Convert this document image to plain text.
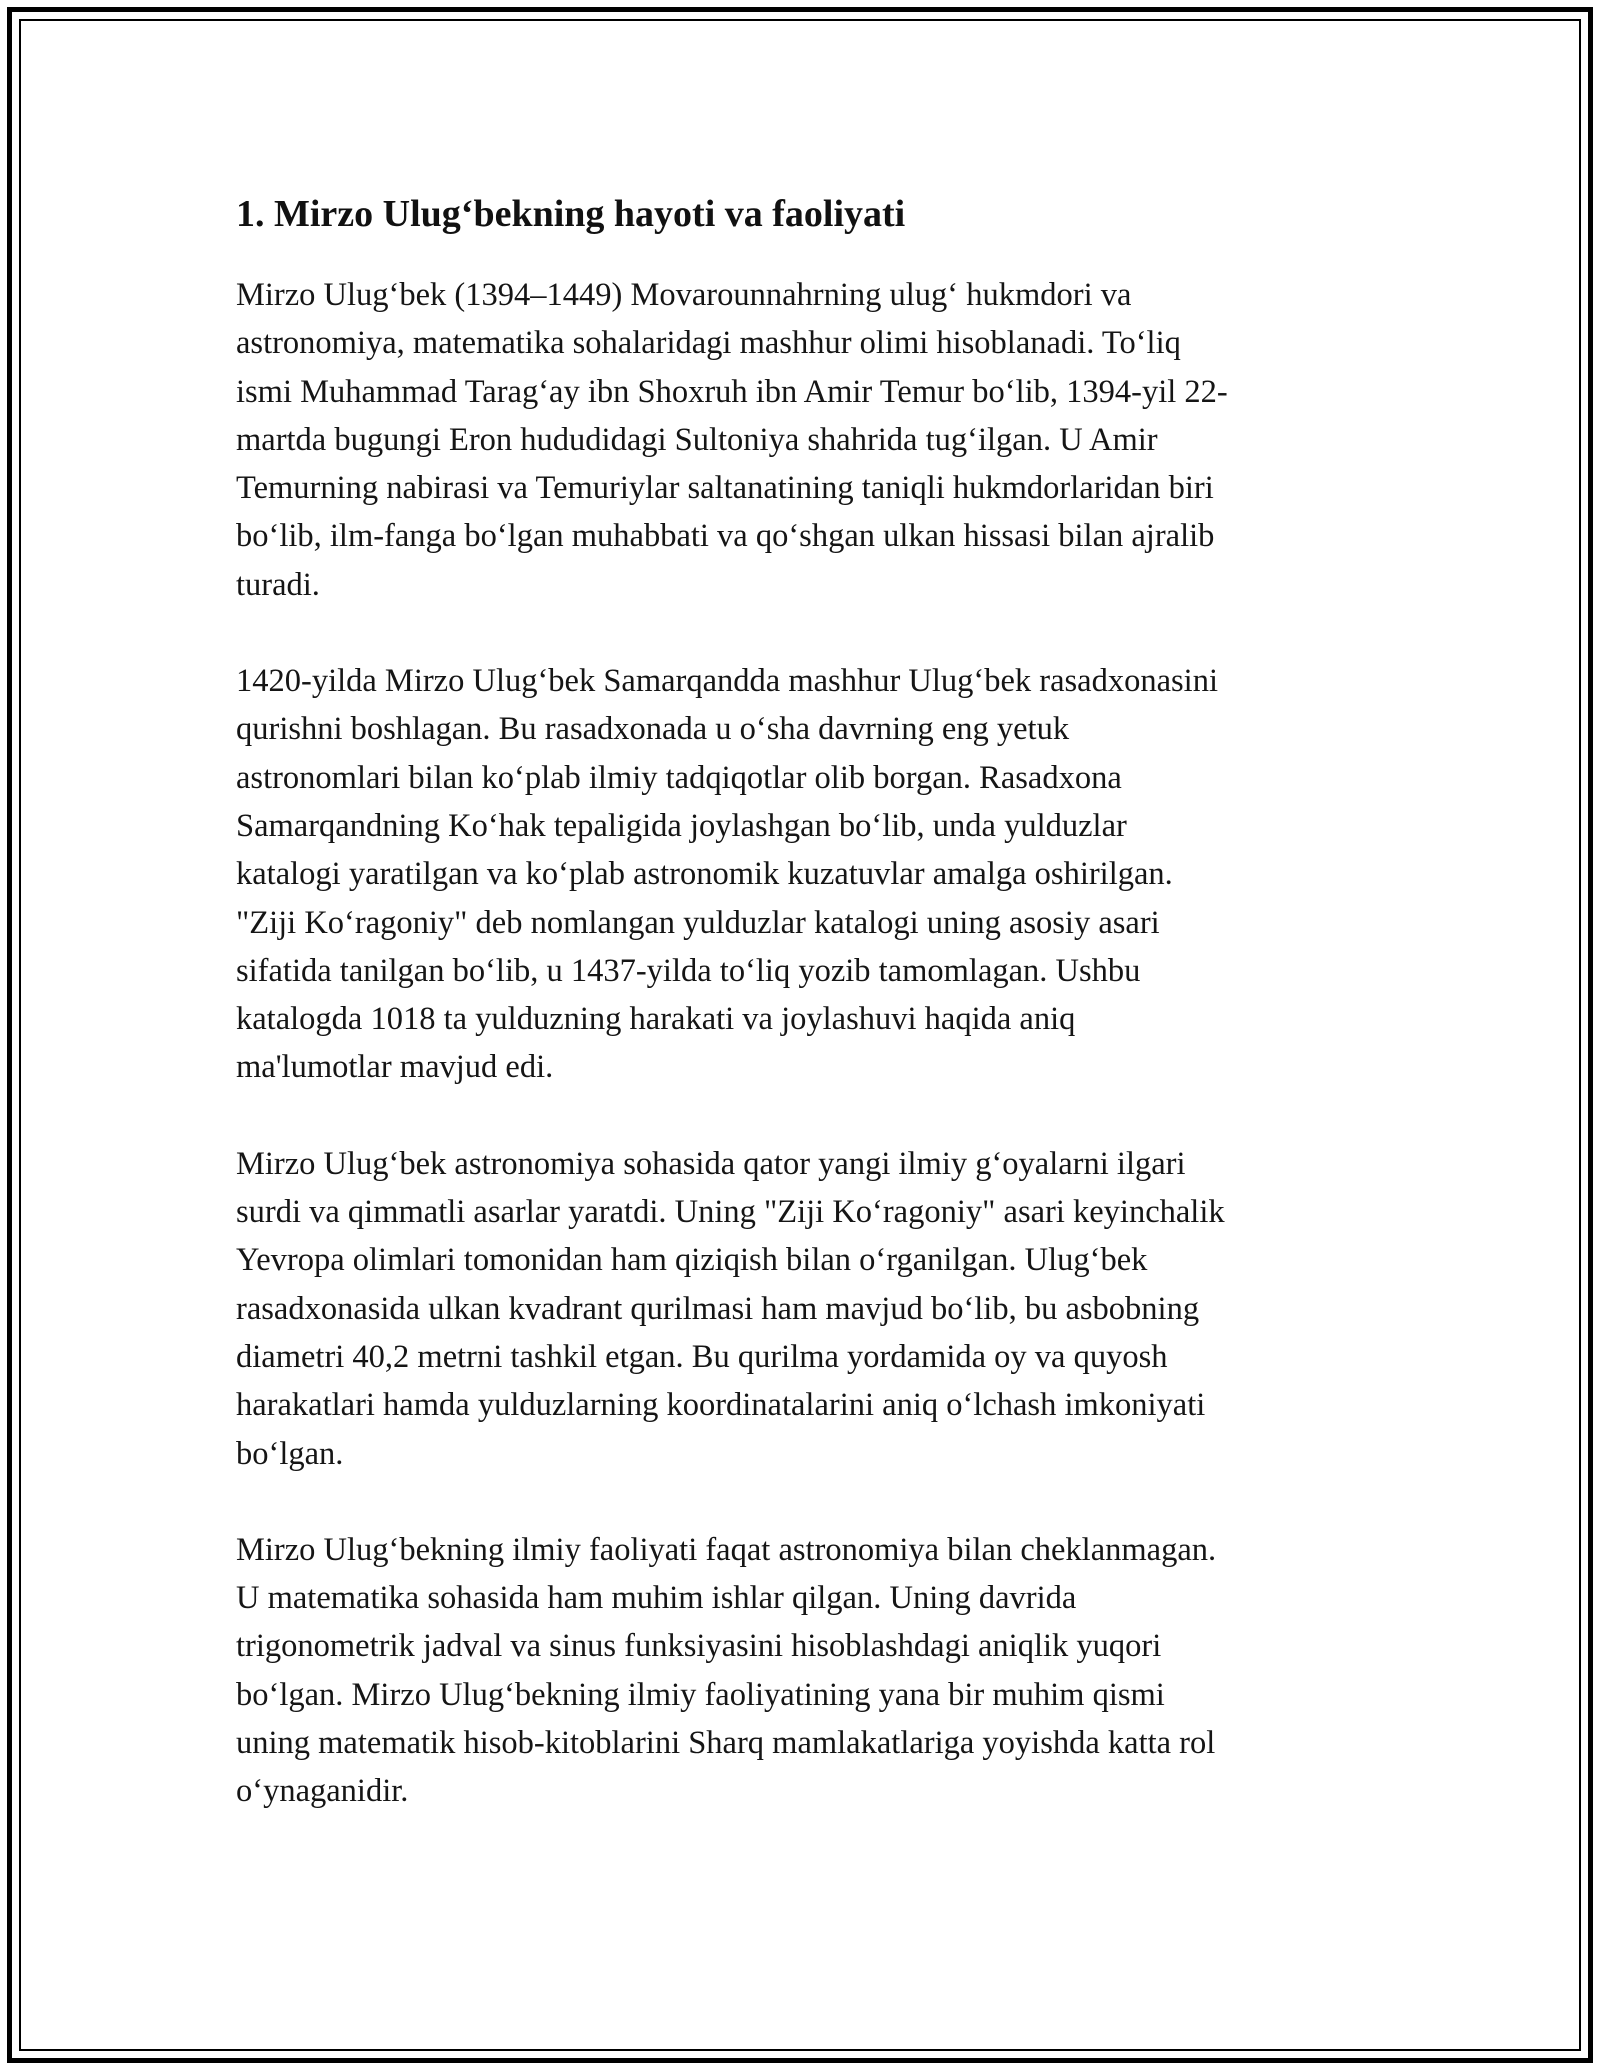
1. Mirzo Ulug‘bekning hayoti va faoliyati

Mirzo Ulug‘bek (1394–1449) Movarounnahrning ulug‘ hukmdori va
astronomiya, matematika sohalaridagi mashhur olimi hisoblanadi. To‘liq
ismi Muhammad Tarag‘ay ibn Shoxruh ibn Amir Temur bo‘lib, 1394-yil 22-
martda bugungi Eron hududidagi Sultoniya shahrida tug‘ilgan. U Amir
Temurning nabirasi va Temuriylar saltanatining taniqli hukmdorlaridan biri
bo‘lib, ilm-fanga bo‘lgan muhabbati va qo‘shgan ulkan hissasi bilan ajralib
turadi.

1420-yilda Mirzo Ulug‘bek Samarqandda mashhur Ulug‘bek rasadxonasini
qurishni boshlagan. Bu rasadxonada u o‘sha davrning eng yetuk
astronomlari bilan ko‘plab ilmiy tadqiqotlar olib borgan. Rasadxona
Samarqandning Ko‘hak tepaligida joylashgan bo‘lib, unda yulduzlar
katalogi yaratilgan va ko‘plab astronomik kuzatuvlar amalga oshirilgan.
"Ziji Ko‘ragoniy" deb nomlangan yulduzlar katalogi uning asosiy asari
sifatida tanilgan bo‘lib, u 1437-yilda to‘liq yozib tamomlagan. Ushbu
katalogda 1018 ta yulduzning harakati va joylashuvi haqida aniq
ma'lumotlar mavjud edi.

Mirzo Ulug‘bek astronomiya sohasida qator yangi ilmiy g‘oyalarni ilgari
surdi va qimmatli asarlar yaratdi. Uning "Ziji Ko‘ragoniy" asari keyinchalik
Yevropa olimlari tomonidan ham qiziqish bilan o‘rganilgan. Ulug‘bek
rasadxonasida ulkan kvadrant qurilmasi ham mavjud bo‘lib, bu asbobning
diametri 40,2 metrni tashkil etgan. Bu qurilma yordamida oy va quyosh
harakatlari hamda yulduzlarning koordinatalarini aniq o‘lchash imkoniyati
bo‘lgan.

Mirzo Ulug‘bekning ilmiy faoliyati faqat astronomiya bilan cheklanmagan.
U matematika sohasida ham muhim ishlar qilgan. Uning davrida
trigonometrik jadval va sinus funksiyasini hisoblashdagi aniqlik yuqori
bo‘lgan. Mirzo Ulug‘bekning ilmiy faoliyatining yana bir muhim qismi
uning matematik hisob-kitoblarini Sharq mamlakatlariga yoyishda katta rol
o‘ynaganidir.
